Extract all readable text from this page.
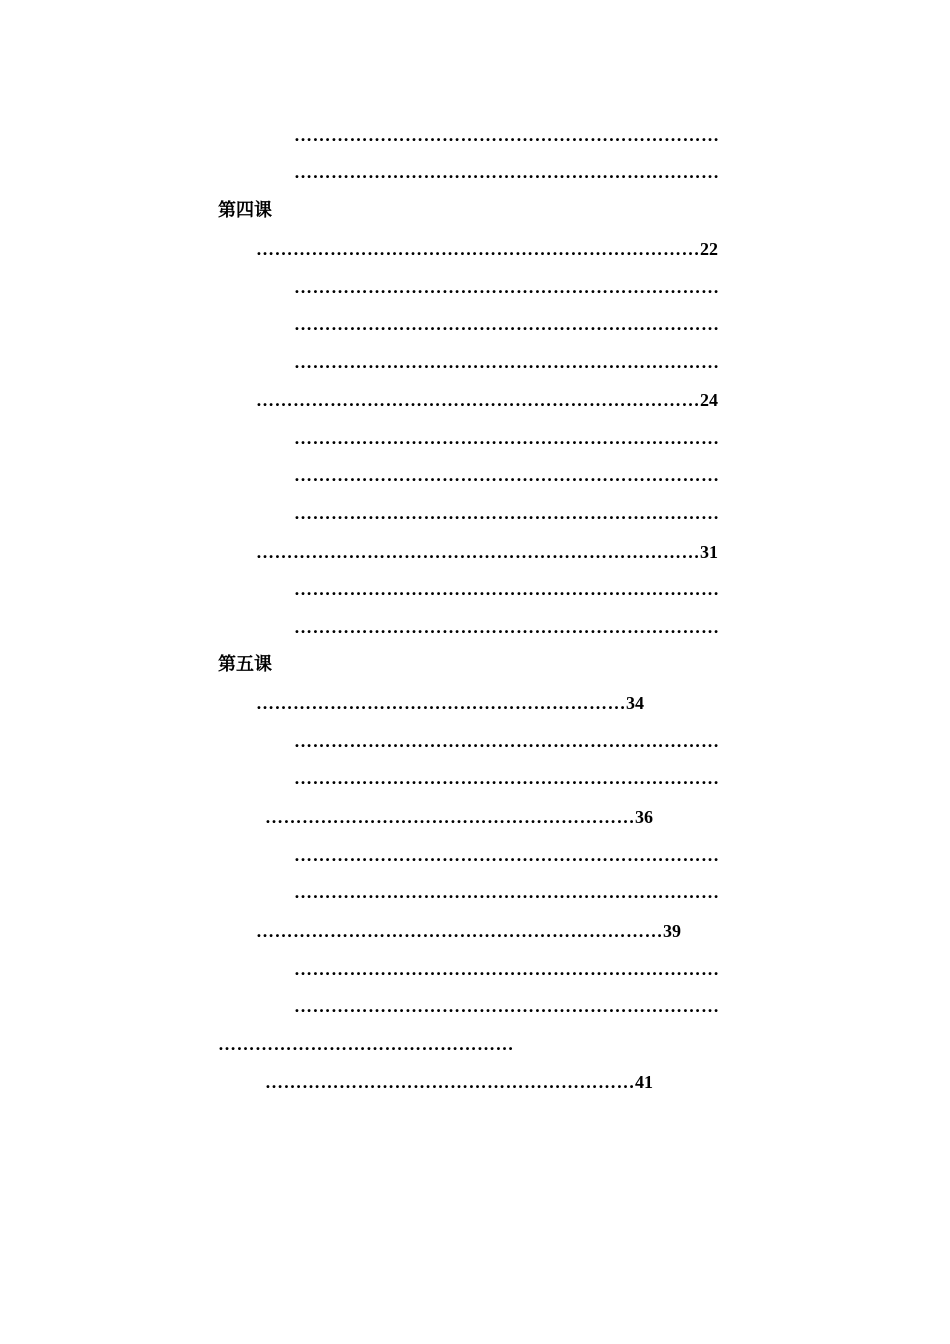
……………………………………………………………
……………………………………………………………
第四课
………………………………………………………………22
……………………………………………………………
……………………………………………………………
……………………………………………………………
………………………………………………………………24
……………………………………………………………
……………………………………………………………
……………………………………………………………
………………………………………………………………31
……………………………………………………………
……………………………………………………………
第五课
……………………………………………………34
……………………………………………………………
……………………………………………………………
……………………………………………………36
……………………………………………………………
……………………………………………………………
…………………………………………………………39
……………………………………………………………
……………………………………………………………
…………………………………………
……………………………………………………41
